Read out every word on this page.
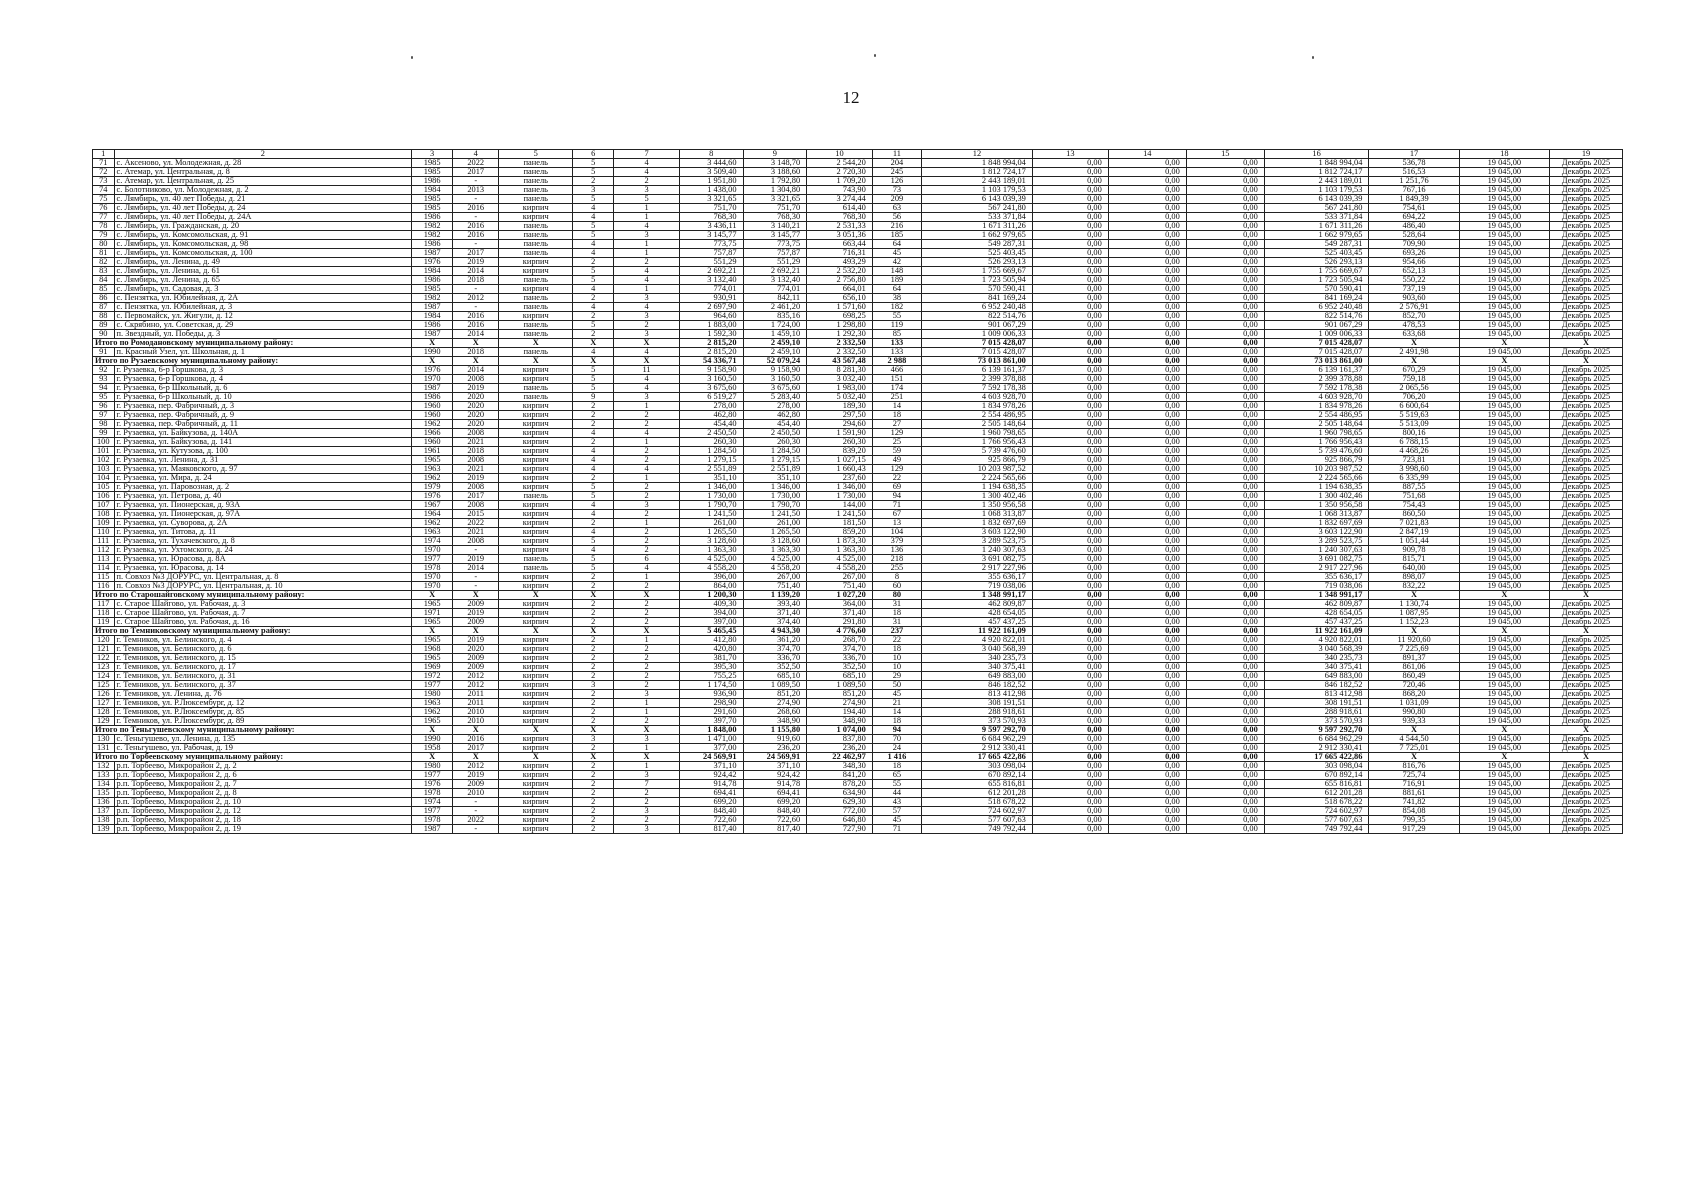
12
1	2	3	4	5	6	7	8	9	10	11	12	13	14	15	16	17	18	19
71	с. Аксеново, ул. Молодежная, д. 28	1985	2022	панель	5	4	3 444,60	3 148,70	2 544,20	204	1 848 994,04	0,00	0,00	0,00	1 848 994,04	536,78	19 045,00	Декабрь 2025
72	с. Атемар, ул. Центральная, д. 8	1985	2017	панель	5	4	3 509,40	3 188,60	2 720,30	245	1 812 724,17	0,00	0,00	0,00	1 812 724,17	516,53	19 045,00	Декабрь 2025
73	с. Атемар, ул. Центральная, д. 25	1986	-	панель	2	2	1 951,80	1 792,80	1 709,20	126	2 443 189,01	0,00	0,00	0,00	2 443 189,01	1 251,76	19 045,00	Декабрь 2025
74	с. Болотниково, ул. Молодежная, д. 2	1984	2013	панель	3	3	1 438,00	1 304,80	743,90	73	1 103 179,53	0,00	0,00	0,00	1 103 179,53	767,16	19 045,00	Декабрь 2025
75	с. Лямбирь, ул. 40 лет Победы, д. 21	1985	-	панель	5	5	3 321,65	3 321,65	3 274,44	209	6 143 039,39	0,00	0,00	0,00	6 143 039,39	1 849,39	19 045,00	Декабрь 2025
76	с. Лямбирь, ул. 40 лет Победы, д. 24	1985	2016	кирпич	4	1	751,70	751,70	614,40	63	567 241,80	0,00	0,00	0,00	567 241,80	754,61	19 045,00	Декабрь 2025
77	с. Лямбирь, ул. 40 лет Победы, д. 24А	1986	-	кирпич	4	1	768,30	768,30	768,30	56	533 371,84	0,00	0,00	0,00	533 371,84	694,22	19 045,00	Декабрь 2025
78	с. Лямбирь, ул. Гражданская, д. 20	1982	2016	панель	5	4	3 436,11	3 140,21	2 531,33	216	1 671 311,26	0,00	0,00	0,00	1 671 311,26	486,40	19 045,00	Декабрь 2025
79	с. Лямбирь, ул. Комсомольская, д. 91	1982	2016	панель	5	3	3 145,77	3 145,77	3 051,36	185	1 662 979,65	0,00	0,00	0,00	1 662 979,65	528,64	19 045,00	Декабрь 2025
80	с. Лямбирь, ул. Комсомольская, д. 98	1986	-	панель	4	1	773,75	773,75	663,44	64	549 287,31	0,00	0,00	0,00	549 287,31	709,90	19 045,00	Декабрь 2025
81	с. Лямбирь, ул. Комсомольская, д. 100	1987	2017	панель	4	1	757,87	757,87	716,31	45	525 403,45	0,00	0,00	0,00	525 403,45	693,26	19 045,00	Декабрь 2025
82	с. Лямбирь, ул. Ленина, д. 49	1976	2019	кирпич	2	2	551,29	551,29	493,29	42	526 293,13	0,00	0,00	0,00	526 293,13	954,66	19 045,00	Декабрь 2025
83	с. Лямбирь, ул. Ленина, д. 61	1984	2014	кирпич	5	4	2 692,21	2 692,21	2 532,20	148	1 755 669,67	0,00	0,00	0,00	1 755 669,67	652,13	19 045,00	Декабрь 2025
84	с. Лямбирь, ул. Ленина, д. 65	1986	2018	панель	5	4	3 132,40	3 132,40	2 756,80	189	1 723 505,94	0,00	0,00	0,00	1 723 505,94	550,22	19 045,00	Декабрь 2025
85	с. Лямбирь, ул. Садовая, д. 3	1985	-	кирпич	4	1	774,01	774,01	664,01	64	570 590,41	0,00	0,00	0,00	570 590,41	737,19	19 045,00	Декабрь 2025
86	с. Пензятка, ул. Юбилейная, д. 2А	1982	2012	панель	2	3	930,91	842,11	656,10	38	841 169,24	0,00	0,00	0,00	841 169,24	903,60	19 045,00	Декабрь 2025
87	с. Пензятка, ул. Юбилейная, д. 3	1987	-	панель	4	4	2 697,90	2 461,20	1 571,60	182	6 952 240,48	0,00	0,00	0,00	6 952 240,48	2 576,91	19 045,00	Декабрь 2025
88	с. Первомайск, ул. Жигули, д. 12	1984	2016	кирпич	2	3	964,60	835,16	698,25	55	822 514,76	0,00	0,00	0,00	822 514,76	852,70	19 045,00	Декабрь 2025
89	с. Скрябино, ул. Советская, д. 29	1986	2016	панель	5	2	1 883,00	1 724,00	1 298,80	119	901 067,29	0,00	0,00	0,00	901 067,29	478,53	19 045,00	Декабрь 2025
90	п. Звездный, ул. Победы, д. 3	1987	2014	панель	2	3	1 592,30	1 459,10	1 292,30	85	1 009 006,33	0,00	0,00	0,00	1 009 006,33	633,68	19 045,00	Декабрь 2025
Итого по Ромодановскому муниципальному району:		X	X	X	X	X	2 815,20	2 459,10	2 332,50	133	7 015 428,07	0,00	0,00	0,00	7 015 428,07	X	X	X
91	п. Красный Узел, ул. Школьная, д. 1	1990	2018	панель	4	4	2 815,20	2 459,10	2 332,50	133	7 015 428,07	0,00	0,00	0,00	7 015 428,07	2 491,98	19 045,00	Декабрь 2025
Итого по Рузаевскому муниципальному району:		X	X	X	X	X	54 336,71	52 079,24	43 567,48	2 988	73 013 861,00	0,00	0,00	0,00	73 013 861,00	X	X	X
92	г. Рузаевка, 6-р Горшкова, д. 3	1976	2014	кирпич	5	11	9 158,90	9 158,90	8 281,30	466	6 139 161,37	0,00	0,00	0,00	6 139 161,37	670,29	19 045,00	Декабрь 2025
93	г. Рузаевка, 6-р Горшкова, д. 4	1970	2008	кирпич	5	4	3 160,50	3 160,50	3 032,40	151	2 399 378,88	0,00	0,00	0,00	2 399 378,88	759,18	19 045,00	Декабрь 2025
94	г. Рузаевка, 6-р Школьный, д. 6	1987	2019	панель	5	4	3 675,60	3 675,60	1 983,00	174	7 592 178,38	0,00	0,00	0,00	7 592 178,38	2 065,56	19 045,00	Декабрь 2025
95	г. Рузаевка, 6-р Школьный, д. 10	1986	2020	панель	9	3	6 519,27	5 283,40	5 032,40	251	4 603 928,70	0,00	0,00	0,00	4 603 928,70	706,20	19 045,00	Декабрь 2025
96	г. Рузаевка, пер. Фабричный, д. 3	1960	2020	кирпич	2	1	278,00	278,00	189,30	14	1 834 978,26	0,00	0,00	0,00	1 834 978,26	6 600,64	19 045,00	Декабрь 2025
97	г. Рузаевка, пер. Фабричный, д. 9	1960	2020	кирпич	2	2	462,80	462,80	297,50	18	2 554 486,95	0,00	0,00	0,00	2 554 486,95	5 519,63	19 045,00	Декабрь 2025
98	г. Рузаевка, пер. Фабричный, д. 11	1962	2020	кирпич	2	2	454,40	454,40	294,60	27	2 505 148,64	0,00	0,00	0,00	2 505 148,64	5 513,09	19 045,00	Декабрь 2025
99	г. Рузаевка, ул. Байкузова, д. 140А	1966	2008	кирпич	4	4	2 450,50	2 450,50	1 591,90	129	1 960 798,65	0,00	0,00	0,00	1 960 798,65	800,16	19 045,00	Декабрь 2025
100	г. Рузаевка, ул. Байкузова, д. 141	1960	2021	кирпич	2	1	260,30	260,30	260,30	25	1 766 956,43	0,00	0,00	0,00	1 766 956,43	6 788,15	19 045,00	Декабрь 2025
101	г. Рузаевка, ул. Кутузова, д. 100	1961	2018	кирпич	4	2	1 284,50	1 284,50	839,20	59	5 739 476,60	0,00	0,00	0,00	5 739 476,60	4 468,26	19 045,00	Декабрь 2025
102	г. Рузаевка, ул. Ленина, д. 31	1965	2008	кирпич	4	2	1 279,15	1 279,15	1 027,15	49	925 866,79	0,00	0,00	0,00	925 866,79	723,81	19 045,00	Декабрь 2025
103	г. Рузаевка, ул. Маяковского, д. 97	1963	2021	кирпич	4	4	2 551,89	2 551,89	1 660,43	129	10 203 987,52	0,00	0,00	0,00	10 203 987,52	3 998,60	19 045,00	Декабрь 2025
104	г. Рузаевка, ул. Мира, д. 24	1962	2019	кирпич	2	1	351,10	351,10	237,60	22	2 224 565,66	0,00	0,00	0,00	2 224 565,66	6 335,99	19 045,00	Декабрь 2025
105	г. Рузаевка, ул. Паровозная, д. 2	1979	2008	кирпич	5	2	1 346,00	1 346,00	1 346,00	69	1 194 638,35	0,00	0,00	0,00	1 194 638,35	887,55	19 045,00	Декабрь 2025
106	г. Рузаевка, ул. Петрова, д. 40	1976	2017	панель	5	2	1 730,00	1 730,00	1 730,00	94	1 300 402,46	0,00	0,00	0,00	1 300 402,46	751,68	19 045,00	Декабрь 2025
107	г. Рузаевка, ул. Пионерская, д. 93А	1967	2008	кирпич	4	3	1 790,70	1 790,70	144,00	71	1 350 956,58	0,00	0,00	0,00	1 350 956,58	754,43	19 045,00	Декабрь 2025
108	г. Рузаевка, ул. Пионерская, д. 97А	1964	2015	кирпич	4	2	1 241,50	1 241,50	1 241,50	67	1 068 313,87	0,00	0,00	0,00	1 068 313,87	860,50	19 045,00	Декабрь 2025
109	г. Рузаевка, ул. Суворова, д. 2А	1962	2022	кирпич	2	1	261,00	261,00	181,50	13	1 832 697,69	0,00	0,00	0,00	1 832 697,69	7 021,83	19 045,00	Декабрь 2025
110	г. Рузаевка, ул. Титова, д. 11	1963	2021	кирпич	4	2	1 265,50	1 265,50	859,20	104	3 603 122,90	0,00	0,00	0,00	3 603 122,90	2 847,19	19 045,00	Декабрь 2025
111	г. Рузаевка, ул. Тухачевского, д. 8	1974	2008	кирпич	5	2	3 128,60	3 128,60	1 873,30	379	3 289 523,75	0,00	0,00	0,00	3 289 523,75	1 051,44	19 045,00	Декабрь 2025
112	г. Рузаевка, ул. Ухтомского, д. 24	1970	-	кирпич	4	2	1 363,30	1 363,30	1 363,30	136	1 240 307,63	0,00	0,00	0,00	1 240 307,63	909,78	19 045,00	Декабрь 2025
113	г. Рузаевка, ул. Юрасова, д. 8А	1977	2019	панель	5	6	4 525,00	4 525,00	4 525,00	218	3 691 082,75	0,00	0,00	0,00	3 691 082,75	815,71	19 045,00	Декабрь 2025
114	г. Рузаевка, ул. Юрасова, д. 14	1978	2014	панель	5	4	4 558,20	4 558,20	4 558,20	255	2 917 227,96	0,00	0,00	0,00	2 917 227,96	640,00	19 045,00	Декабрь 2025
115	п. Совхоз №3 ДОРУРС, ул. Центральная, д. 8	1970	-	кирпич	2	1	396,00	267,00	267,00	8	355 636,17	0,00	0,00	0,00	355 636,17	898,07	19 045,00	Декабрь 2025
116	п. Совхоз №3 ДОРУРС, ул. Центральная, д. 10	1970	-	кирпич	2	2	864,00	751,40	751,40	60	719 038,06	0,00	0,00	0,00	719 038,06	832,22	19 045,00	Декабрь 2025
Итого по Старошайговскому муниципальному району:		X	X	X	X	X	1 200,30	1 139,20	1 027,20	80	1 348 991,17	0,00	0,00	0,00	1 348 991,17	X	X	X
117	с. Старое Шайгово, ул. Рабочая, д. 3	1965	2009	кирпич	2	2	409,30	393,40	364,00	31	462 809,87	0,00	0,00	0,00	462 809,87	1 130,74	19 045,00	Декабрь 2025
118	с. Старое Шайгово, ул. Рабочая, д. 7	1971	2019	кирпич	2	2	394,00	371,40	371,40	18	428 654,05	0,00	0,00	0,00	428 654,05	1 087,95	19 045,00	Декабрь 2025
119	с. Старое Шайгово, ул. Рабочая, д. 16	1965	2009	кирпич	2	2	397,00	374,40	291,80	31	457 437,25	0,00	0,00	0,00	457 437,25	1 152,23	19 045,00	Декабрь 2025
Итого по Темниковскому муниципальному району:		X	X	X	X	X	5 465,45	4 943,30	4 776,60	237	11 922 161,09	0,00	0,00	0,00	11 922 161,09	X	X	X
120	г. Темников, ул. Белинского, д. 4	1965	2019	кирпич	2	1	412,80	361,20	268,70	22	4 920 822,01	0,00	0,00	0,00	4 920 822,01	11 920,60	19 045,00	Декабрь 2025
121	г. Темников, ул. Белинского, д. 6	1968	2020	кирпич	2	2	420,80	374,70	374,70	18	3 040 568,39	0,00	0,00	0,00	3 040 568,39	7 225,69	19 045,00	Декабрь 2025
122	г. Темников, ул. Белинского, д. 15	1965	2009	кирпич	2	2	381,70	336,70	336,70	10	340 235,73	0,00	0,00	0,00	340 235,73	891,37	19 045,00	Декабрь 2025
123	г. Темников, ул. Белинского, д. 17	1969	2009	кирпич	2	2	395,30	352,50	352,50	10	340 375,41	0,00	0,00	0,00	340 375,41	861,06	19 045,00	Декабрь 2025
124	г. Темников, ул. Белинского, д. 31	1972	2012	кирпич	2	2	755,25	685,10	685,10	29	649 883,00	0,00	0,00	0,00	649 883,00	860,49	19 045,00	Декабрь 2025
125	г. Темников, ул. Белинского, д. 37	1977	2012	кирпич	3	2	1 174,50	1 089,50	1 089,50	50	846 182,52	0,00	0,00	0,00	846 182,52	720,46	19 045,00	Декабрь 2025
126	г. Темников, ул. Ленина, д. 76	1980	2011	кирпич	2	3	936,90	851,20	851,20	45	813 412,98	0,00	0,00	0,00	813 412,98	868,20	19 045,00	Декабрь 2025
127	г. Темников, ул. Р.Люксембург, д. 12	1963	2011	кирпич	2	1	298,90	274,90	274,90	21	308 191,51	0,00	0,00	0,00	308 191,51	1 031,09	19 045,00	Декабрь 2025
128	г. Темников, ул. Р.Люксембург, д. 85	1962	2010	кирпич	2	1	291,60	268,60	194,40	14	288 918,61	0,00	0,00	0,00	288 918,61	990,80	19 045,00	Декабрь 2025
129	г. Темников, ул. Р.Люксембург, д. 89	1965	2010	кирпич	2	2	397,70	348,90	348,90	18	373 570,93	0,00	0,00	0,00	373 570,93	939,33	19 045,00	Декабрь 2025
Итого по Теньгушевскому муниципальному району:		X	X	X	X	X	1 848,00	1 155,80	1 074,00	94	9 597 292,70	0,00	0,00	0,00	9 597 292,70	X	X	X
130	с. Теньгушево, ул. Ленина, д. 135	1990	2016	кирпич	3	3	1 471,00	919,60	837,80	70	6 684 962,29	0,00	0,00	0,00	6 684 962,29	4 544,50	19 045,00	Декабрь 2025
131	с. Теньгушево, ул. Рабочая, д. 19	1958	2017	кирпич	2	1	377,00	236,20	236,20	24	2 912 330,41	0,00	0,00	0,00	2 912 330,41	7 725,01	19 045,00	Декабрь 2025
Итого по Торбеевскому муниципальному району:		X	X	X	X	X	24 569,91	24 569,91	22 462,97	1 416	17 665 422,86	0,00	0,00	0,00	17 665 422,86	X	X	X
132	р.п. Торбеево, Микрорайон 2, д. 2	1980	2012	кирпич	2	1	371,10	371,10	348,30	18	303 098,04	0,00	0,00	0,00	303 098,04	816,76	19 045,00	Декабрь 2025
133	р.п. Торбеево, Микрорайон 2, д. 6	1977	2019	кирпич	2	3	924,42	924,42	841,20	65	670 892,14	0,00	0,00	0,00	670 892,14	725,74	19 045,00	Декабрь 2025
134	р.п. Торбеево, Микрорайон 2, д. 7	1976	2009	кирпич	2	7	914,78	914,78	878,20	55	655 816,81	0,00	0,00	0,00	655 816,81	716,91	19 045,00	Декабрь 2025
135	р.п. Торбеево, Микрорайон 2, д. 8	1978	2010	кирпич	2	2	694,41	694,41	634,90	44	612 201,28	0,00	0,00	0,00	612 201,28	881,61	19 045,00	Декабрь 2025
136	р.п. Торбеево, Микрорайон 2, д. 10	1974	-	кирпич	2	2	699,20	699,20	629,30	43	518 678,22	0,00	0,00	0,00	518 678,22	741,82	19 045,00	Декабрь 2025
137	р.п. Торбеево, Микрорайон 2, д. 12	1977	-	кирпич	2	3	848,40	848,40	772,00	57	724 602,97	0,00	0,00	0,00	724 602,97	854,08	19 045,00	Декабрь 2025
138	р.п. Торбеево, Микрорайон 2, д. 18	1978	2022	кирпич	2	2	722,60	722,60	646,80	45	577 607,63	0,00	0,00	0,00	577 607,63	799,35	19 045,00	Декабрь 2025
139	р.п. Торбеево, Микрорайон 2, д. 19	1987	-	кирпич	2	3	817,40	817,40	727,90	71	749 792,44	0,00	0,00	0,00	749 792,44	917,29	19 045,00	Декабрь 2025
